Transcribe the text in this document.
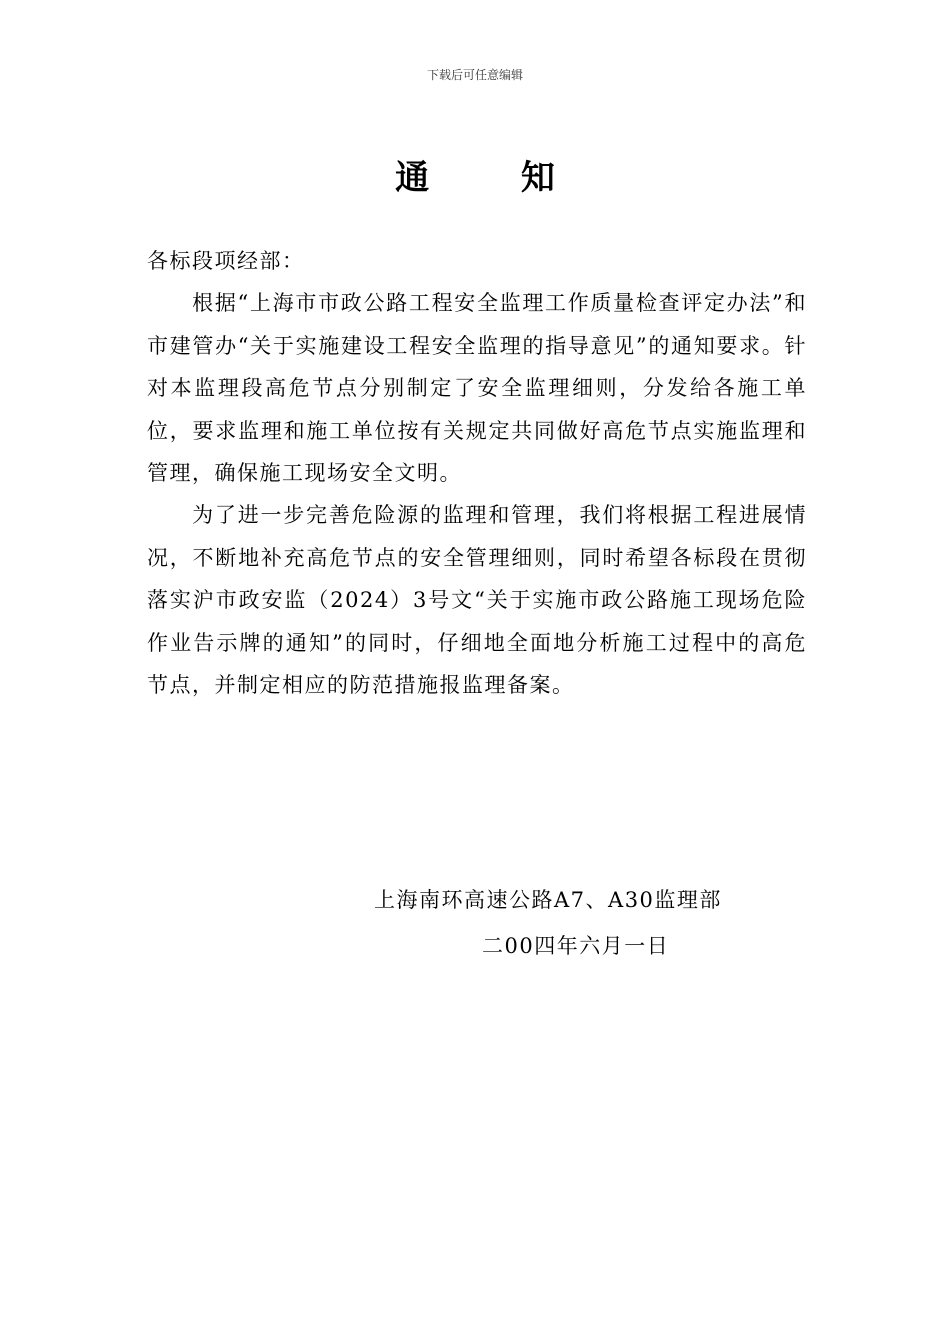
下载后可任意编辑
通 知

各标段项经部：

根据“上海市市政公路工程安全监理工作质量检查评定办法”和市建管办“关于实施建设工程安全监理的指导意见”的通知要求。针对本监理段高危节点分别制定了安全监理细则，分发给各施工单位，要求监理和施工单位按有关规定共同做好高危节点实施监理和管理，确保施工现场安全文明。

为了进一步完善危险源的监理和管理，我们将根据工程进展情况，不断地补充高危节点的安全管理细则，同时希望各标段在贯彻落实沪市政安监（2024）3号文“关于实施市政公路施工现场危险作业告示牌的通知”的同时，仔细地全面地分析施工过程中的高危节点，并制定相应的防范措施报监理备案。

上海南环高速公路A7、A30监理部
二00四年六月一日
